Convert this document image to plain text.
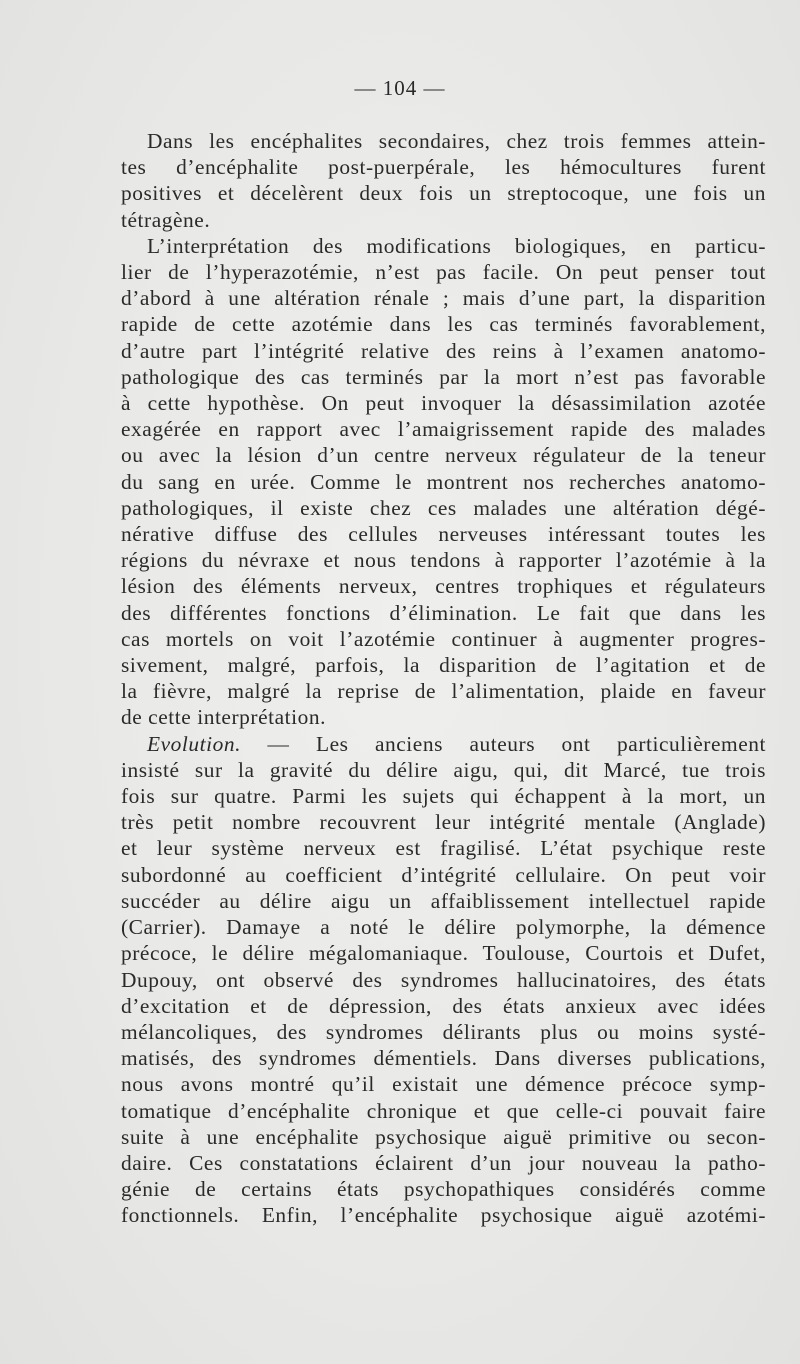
— 104 —
Dans les encéphalites secondaires, chez trois femmes attein-
tes d’encéphalite post-puerpérale, les hémocultures furent
positives et décelèrent deux fois un streptocoque, une fois un
tétragène.
L’interprétation des modifications biologiques, en particu-
lier de l’hyperazotémie, n’est pas facile. On peut penser tout
d’abord à une altération rénale ; mais d’une part, la disparition
rapide de cette azotémie dans les cas terminés favorablement,
d’autre part l’intégrité relative des reins à l’examen anatomo-
pathologique des cas terminés par la mort n’est pas favorable
à cette hypothèse. On peut invoquer la désassimilation azotée
exagérée en rapport avec l’amaigrissement rapide des malades
ou avec la lésion d’un centre nerveux régulateur de la teneur
du sang en urée. Comme le montrent nos recherches anatomo-
pathologiques, il existe chez ces malades une altération dégé-
nérative diffuse des cellules nerveuses intéressant toutes les
régions du névraxe et nous tendons à rapporter l’azotémie à la
lésion des éléments nerveux, centres trophiques et régulateurs
des différentes fonctions d’élimination. Le fait que dans les
cas mortels on voit l’azotémie continuer à augmenter progres-
sivement, malgré, parfois, la disparition de l’agitation et de
la fièvre, malgré la reprise de l’alimentation, plaide en faveur
de cette interprétation.
Evolution. — Les anciens auteurs ont particulièrement
insisté sur la gravité du délire aigu, qui, dit Marcé, tue trois
fois sur quatre. Parmi les sujets qui échappent à la mort, un
très petit nombre recouvrent leur intégrité mentale (Anglade)
et leur système nerveux est fragilisé. L’état psychique reste
subordonné au coefficient d’intégrité cellulaire. On peut voir
succéder au délire aigu un affaiblissement intellectuel rapide
(Carrier). Damaye a noté le délire polymorphe, la démence
précoce, le délire mégalomaniaque. Toulouse, Courtois et Dufet,
Dupouy, ont observé des syndromes hallucinatoires, des états
d’excitation et de dépression, des états anxieux avec idées
mélancoliques, des syndromes délirants plus ou moins systé-
matisés, des syndromes démentiels. Dans diverses publications,
nous avons montré qu’il existait une démence précoce symp-
tomatique d’encéphalite chronique et que celle-ci pouvait faire
suite à une encéphalite psychosique aiguë primitive ou secon-
daire. Ces constatations éclairent d’un jour nouveau la patho-
génie de certains états psychopathiques considérés comme
fonctionnels. Enfin, l’encéphalite psychosique aiguë azotémi-
